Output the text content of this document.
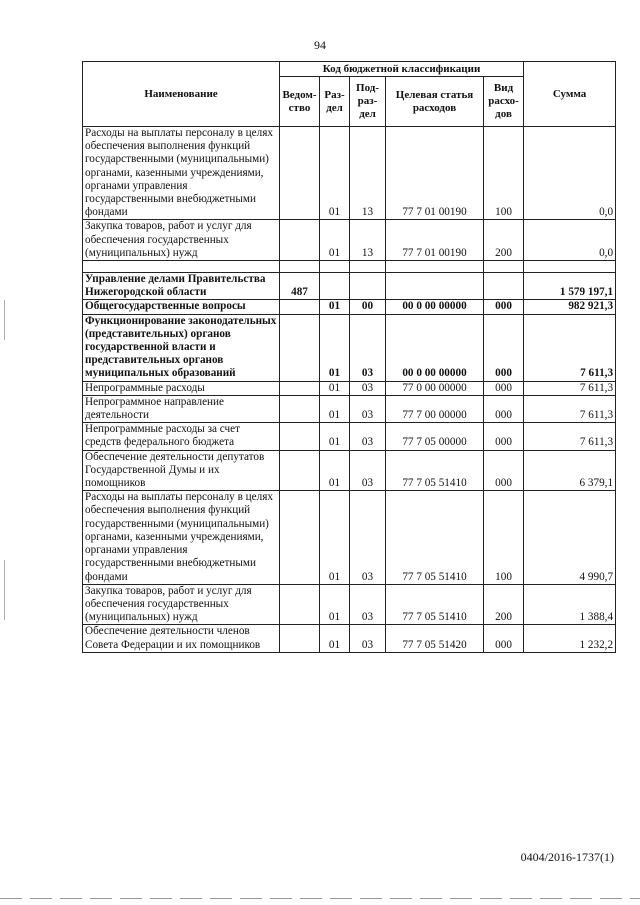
94
Наименование	Код бюджетной классификации					Сумма
	Ведом-ство	Раз-дел	Под-раз-дел	Целевая статья расходов	Вид расхо-дов	
Расходы на выплаты персоналу в целях обеспечения выполнения функций государственными (муниципальными) органами, казенными учреждениями, органами управления государственными внебюджетными фондами		01	13	77 7 01 00190	100	0,0
Закупка товаров, работ и услуг для обеспечения государственных (муниципальных) нужд		01	13	77 7 01 00190	200	0,0

Управление делами Правительства Нижегородской области	487					1 579 197,1
Общегосударственные вопросы		01	00	00 0 00 00000	000	982 921,3
Функционирование законодательных (представительных) органов государственной власти и представительных органов муниципальных образований		01	03	00 0 00 00000	000	7 611,3
Непрограммные расходы		01	03	77 0 00 00000	000	7 611,3
Непрограммное направление деятельности		01	03	77 7 00 00000	000	7 611,3
Непрограммные расходы за счет средств федерального бюджета		01	03	77 7 05 00000	000	7 611,3
Обеспечение деятельности депутатов Государственной Думы и их помощников		01	03	77 7 05 51410	000	6 379,1
Расходы на выплаты персоналу в целях обеспечения выполнения функций государственными (муниципальными) органами, казенными учреждениями, органами управления государственными внебюджетными фондами		01	03	77 7 05 51410	100	4 990,7
Закупка товаров, работ и услуг для обеспечения государственных (муниципальных) нужд		01	03	77 7 05 51410	200	1 388,4
Обеспечение деятельности членов Совета Федерации и их помощников		01	03	77 7 05 51420	000	1 232,2
0404/2016-1737(1)
